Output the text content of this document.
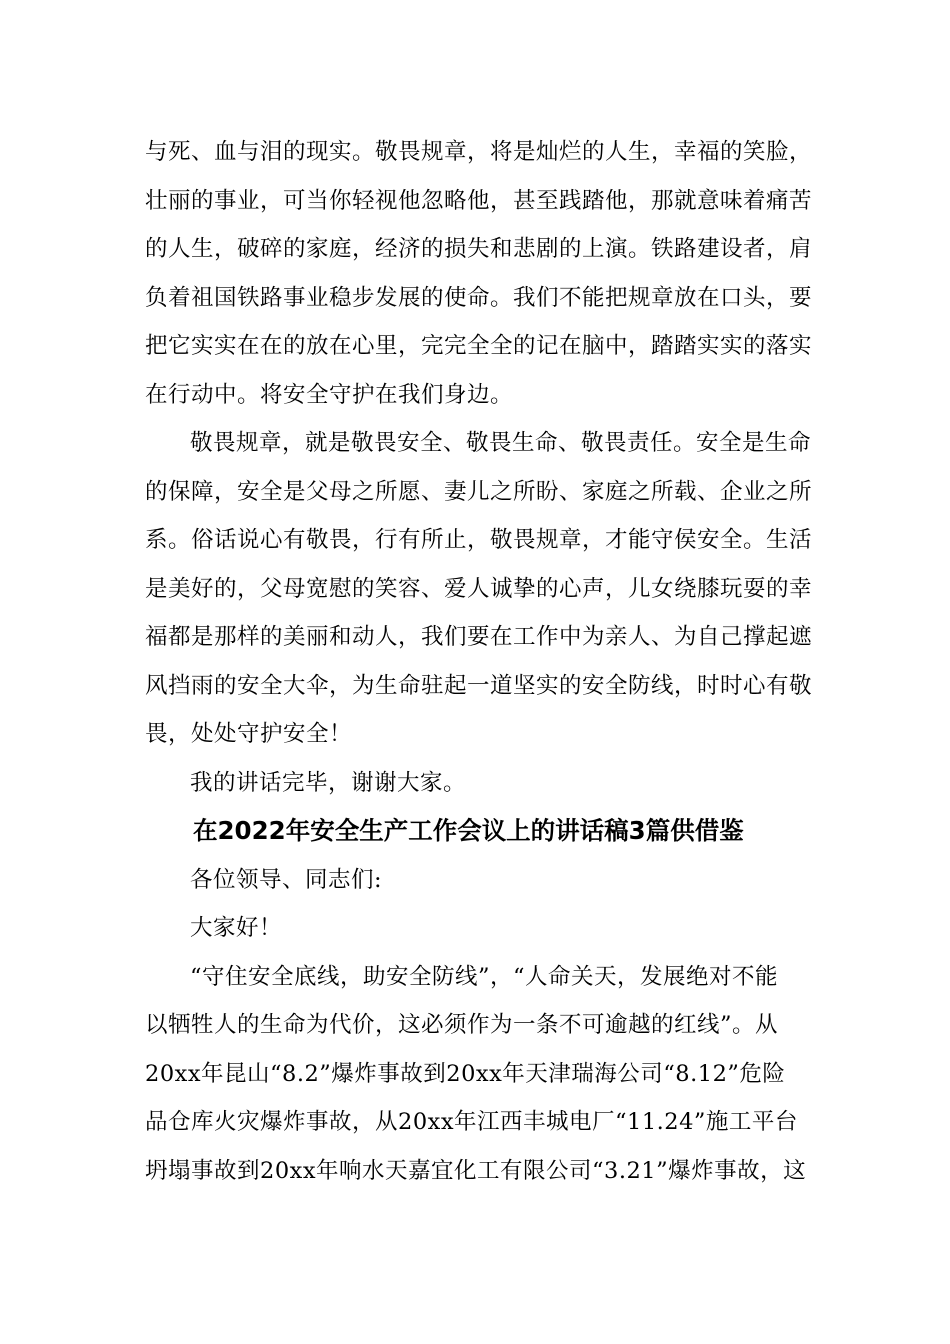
与死、血与泪的现实。敬畏规章，将是灿烂的人生，幸福的笑脸，
壮丽的事业，可当你轻视他忽略他，甚至践踏他，那就意味着痛苦
的人生，破碎的家庭，经济的损失和悲剧的上演。铁路建设者，肩
负着祖国铁路事业稳步发展的使命。我们不能把规章放在口头，要
把它实实在在的放在心里，完完全全的记在脑中，踏踏实实的落实
在行动中。将安全守护在我们身边。
敬畏规章，就是敬畏安全、敬畏生命、敬畏责任。安全是生命
的保障，安全是父母之所愿、妻儿之所盼、家庭之所载、企业之所
系。俗话说心有敬畏，行有所止，敬畏规章，才能守侯安全。生活
是美好的，父母宽慰的笑容、爱人诚挚的心声，儿女绕膝玩耍的幸
福都是那样的美丽和动人，我们要在工作中为亲人、为自己撑起遮
风挡雨的安全大伞，为生命驻起一道坚实的安全防线，时时心有敬
畏，处处守护安全！

我的讲话完毕，谢谢大家。

在2022年安全生产工作会议上的讲话稿3篇供借鉴

各位领导、同志们:

大家好！

“守住安全底线，助安全防线”，“人命关天，发展绝对不能
以牺牲人的生命为代价，这必须作为一条不可逾越的红线”。从
20xx年昆山“8.2”爆炸事故到20xx年天津瑞海公司“8.12”危险
品仓库火灾爆炸事故，从20xx年江西丰城电厂“11.24”施工平台
坍塌事故到20xx年响水天嘉宜化工有限公司“3.21”爆炸事故，这
